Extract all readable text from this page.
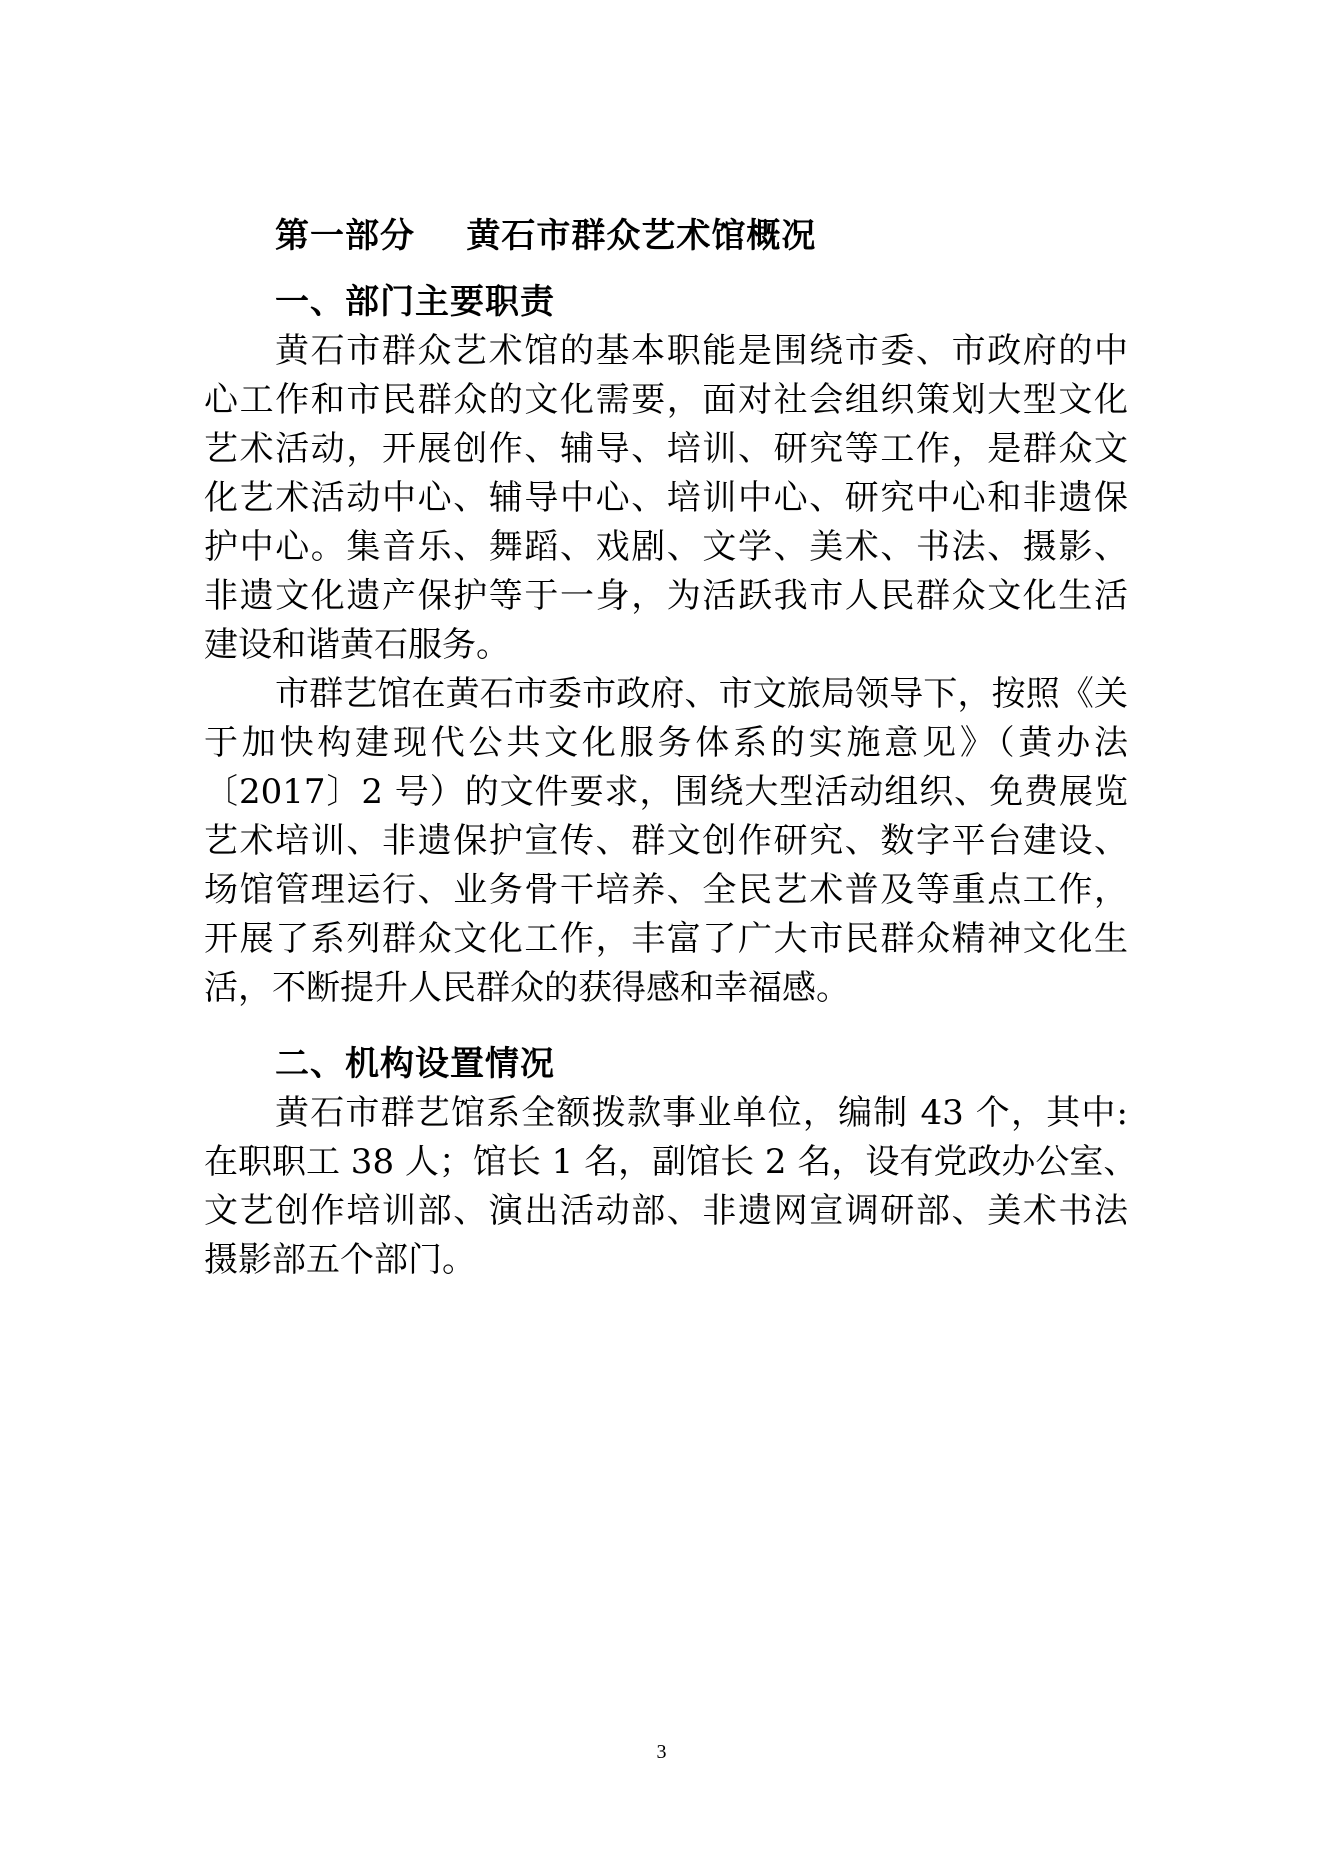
第一部分    黄石市群众艺术馆概况
一、部门主要职责

黄石市群众艺术馆的基本职能是围绕市委、市政府的中
心工作和市民群众的文化需要，面对社会组织策划大型文化
艺术活动，开展创作、辅导、培训、研究等工作，是群众文
化艺术活动中心、辅导中心、培训中心、研究中心和非遗保
护中心。集音乐、舞蹈、戏剧、文学、美术、书法、摄影、
非遗文化遗产保护等于一身，为活跃我市人民群众文化生活
建设和谐黄石服务。

市群艺馆在黄石市委市政府、市文旅局领导下，按照《关
于加快构建现代公共文化服务体系的实施意见》（黄办法
〔2017〕2 号）的文件要求，围绕大型活动组织、免费展览
艺术培训、非遗保护宣传、群文创作研究、数字平台建设、
场馆管理运行、业务骨干培养、全民艺术普及等重点工作，
开展了系列群众文化工作，丰富了广大市民群众精神文化生
活，不断提升人民群众的获得感和幸福感。

二、机构设置情况

黄石市群艺馆系全额拨款事业单位，编制 43 个，其中:
在职职工 38 人；馆长 1 名，副馆长 2 名，设有党政办公室、
文艺创作培训部、演出活动部、非遗网宣调研部、美术书法
摄影部五个部门。

3
